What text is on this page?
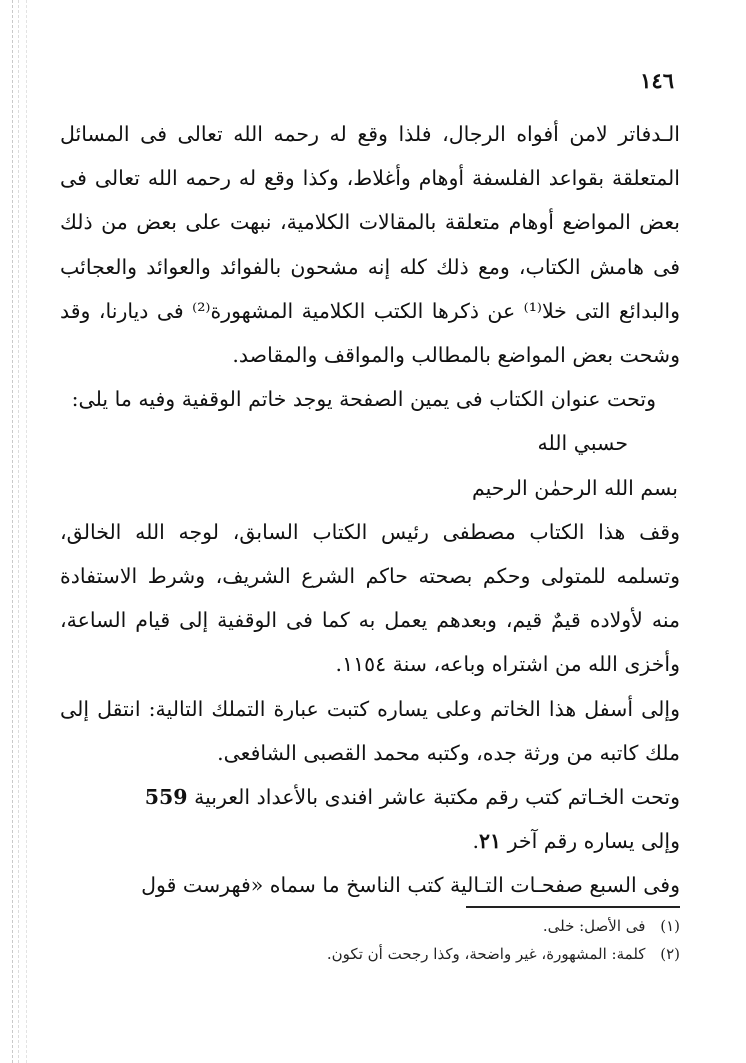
١٤٦

الـدفاتر لامن أفواه الرجال، فلذا وقع له رحمه الله تعالى فى المسائل المتعلقة بقواعد الفلسفة أوهام وأغلاط، وكذا وقع له رحمه الله تعالى فى بعض المواضع أوهام متعلقة بالمقالات الكلامية، نبهت على بعض من ذلك فى هامش الكتاب، ومع ذلك كله إنه مشحون بالفوائد والعوائد والعجائب والبدائع التى خلا⁽¹⁾ عن ذكرها الكتب الكلامية المشهورة⁽²⁾ فى ديارنا، وقد وشحت بعض المواضع بالمطالب والمواقف والمقاصد.

وتحت عنوان الكتاب فى يمين الصفحة يوجد خاتم الوقفية وفيه ما يلى:

حسبي الله

بسم الله الرحمٰن الرحيم

وقف هذا الكتاب مصطفى رئيس الكتاب السابق، لوجه الله الخالق، وتسلمه للمتولى وحكم بصحته حاكم الشرع الشريف، وشرط الاستفادة منه لأولاده قيمٌ قيم، وبعدهم يعمل به كما فى الوقفية إلى قيام الساعة، وأخزى الله من اشتراه وباعه، سنة ١١٥٤.

وإلى أسفل هذا الخاتم وعلى يساره كتبت عبارة التملك التالية: انتقل إلى ملك كاتبه من ورثة جده، وكتبه محمد القصبى الشافعى.

وتحت الخـاتم كتب رقم مكتبة عاشر افندى بالأعداد العربية 559

وإلى يساره رقم آخر ٢١.

وفى السبع صفحـات التـالية كتب الناسخ ما سماه «فهرست قول

(١) فى الأصل: خلى.

(٢) كلمة: المشهورة، غير واضحة، وكذا رجحت أن تكون.
